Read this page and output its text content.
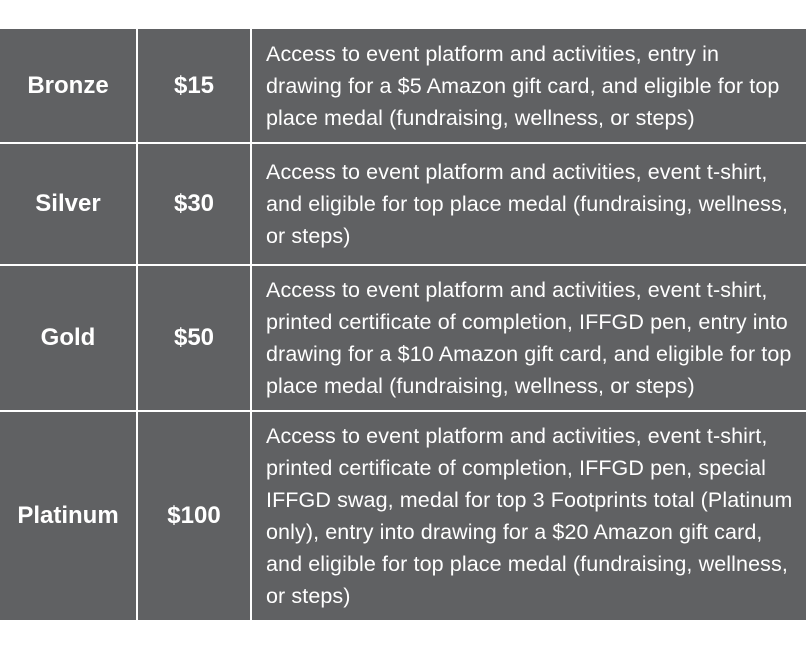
Bronze	$15	Access to event platform and activities, entry in drawing for a $5 Amazon gift card, and eligible for top place medal (fundraising, wellness, or steps)
Silver	$30	Access to event platform and activities, event t-shirt, and eligible for top place medal (fundraising, wellness, or steps)
Gold	$50	Access to event platform and activities, event t-shirt, printed certificate of completion, IFFGD pen, entry into drawing for a $10 Amazon gift card, and eligible for top place medal (fundraising, wellness, or steps)
Platinum	$100	Access to event platform and activities, event t-shirt, printed certificate of completion, IFFGD pen, special IFFGD swag, medal for top 3 Footprints total (Platinum only), entry into drawing for a $20 Amazon gift card, and eligible for top place medal (fundraising, wellness, or steps)
